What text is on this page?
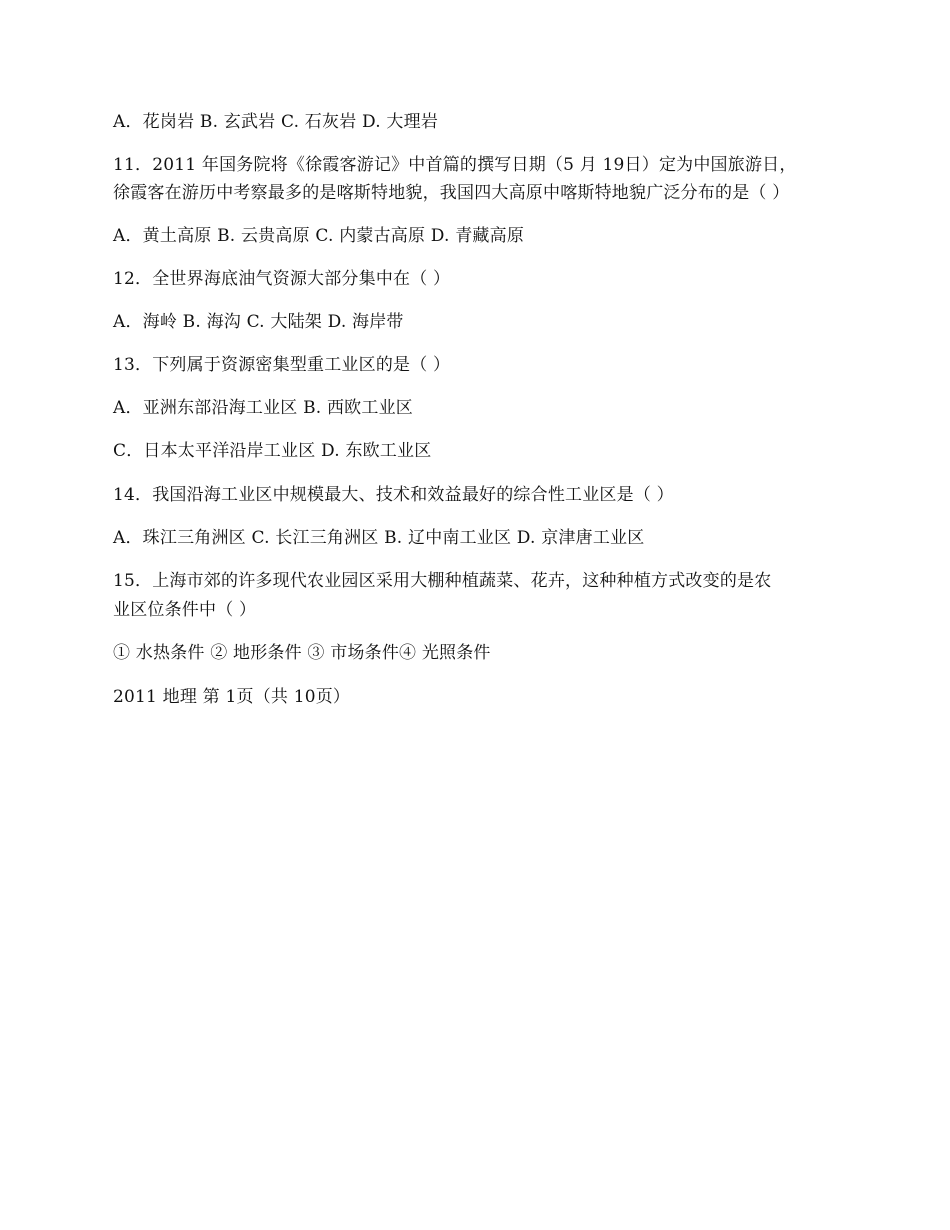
A．花岗岩 B. 玄武岩 C. 石灰岩 D. 大理岩
11．2011 年国务院将《徐霞客游记》中首篇的撰写日期（5 月 19日）定为中国旅游日，
徐霞客在游历中考察最多的是喀斯特地貌，我国四大高原中喀斯特地貌广泛分布的是（ ）
A．黄土高原 B. 云贵高原 C. 内蒙古高原 D. 青藏高原
12．全世界海底油气资源大部分集中在（ ）
A．海岭 B. 海沟 C. 大陆架 D. 海岸带
13．下列属于资源密集型重工业区的是（ ）
A．亚洲东部沿海工业区 B. 西欧工业区
C．日本太平洋沿岸工业区 D. 东欧工业区
14．我国沿海工业区中规模最大、技术和效益最好的综合性工业区是（ ）
A．珠江三角洲区 C. 长江三角洲区 B. 辽中南工业区 D. 京津唐工业区
15．上海市郊的许多现代农业园区采用大棚种植蔬菜、花卉，这种种植方式改变的是农
业区位条件中（ ）
① 水热条件 ② 地形条件 ③ 市场条件④ 光照条件
2011 地理 第 1页（共 10页）
